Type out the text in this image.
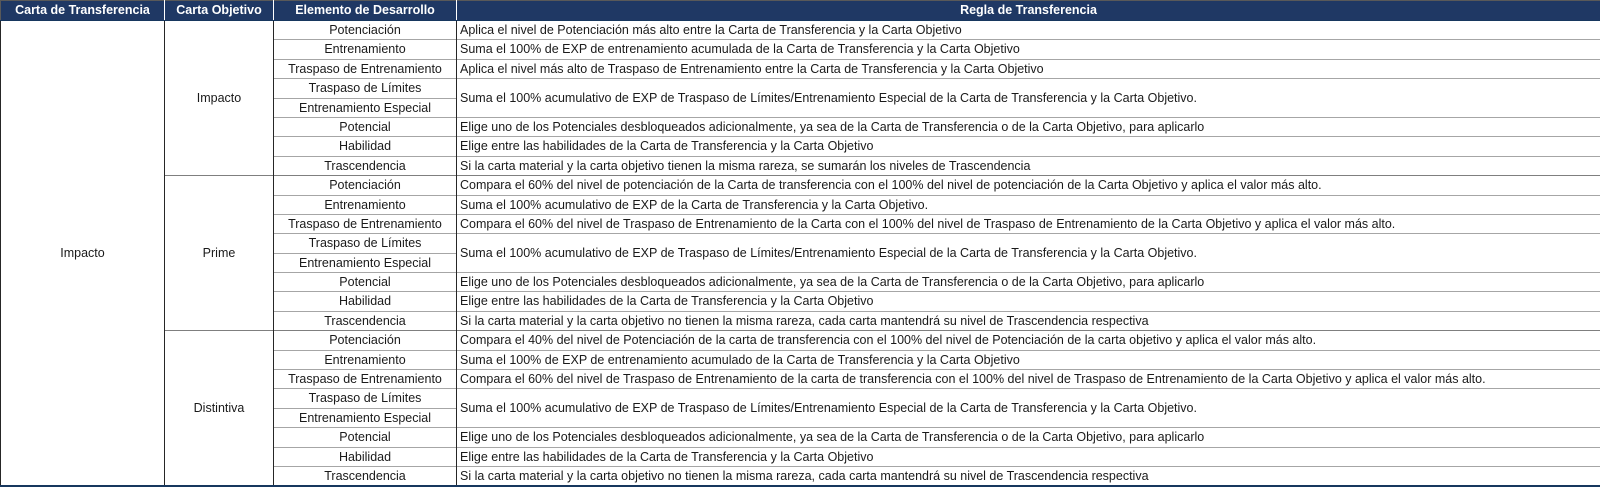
Carta de Transferencia	Carta Objetivo	Elemento de Desarrollo	Regla de Transferencia
Impacto	Impacto	Potenciación	Aplica el nivel de Potenciación más alto entre la Carta de Transferencia y la Carta Objetivo
		Entrenamiento	Suma el 100% de EXP de entrenamiento acumulada de la Carta de Transferencia y la Carta Objetivo
		Traspaso de Entrenamiento	Aplica el nivel más alto de Traspaso de Entrenamiento entre la Carta de Transferencia y la Carta Objetivo
		Traspaso de Límites	Suma el 100% acumulativo de EXP de Traspaso de Límites/Entrenamiento Especial de la Carta de Transferencia y la Carta Objetivo.
		Entrenamiento Especial	
		Potencial	Elige uno de los Potenciales desbloqueados adicionalmente, ya sea de la Carta de Transferencia o de la Carta Objetivo, para aplicarlo
		Habilidad	Elige entre las habilidades de la Carta de Transferencia y la Carta Objetivo
		Trascendencia	Si la carta material y la carta objetivo tienen la misma rareza, se sumarán los niveles de Trascendencia
	Prime	Potenciación	Compara el 60% del nivel de potenciación de la Carta de transferencia con el 100% del nivel de potenciación de la Carta Objetivo y aplica el valor más alto.
		Entrenamiento	Suma el 100% acumulativo de EXP de la Carta de Transferencia y la Carta Objetivo.
		Traspaso de Entrenamiento	Compara el 60% del nivel de Traspaso de Entrenamiento de la Carta con el 100% del nivel de Traspaso de Entrenamiento de la Carta Objetivo y aplica el valor más alto.
		Traspaso de Límites	Suma el 100% acumulativo de EXP de Traspaso de Límites/Entrenamiento Especial de la Carta de Transferencia y la Carta Objetivo.
		Entrenamiento Especial	
		Potencial	Elige uno de los Potenciales desbloqueados adicionalmente, ya sea de la Carta de Transferencia o de la Carta Objetivo, para aplicarlo
		Habilidad	Elige entre las habilidades de la Carta de Transferencia y la Carta Objetivo
		Trascendencia	Si la carta material y la carta objetivo no tienen la misma rareza, cada carta mantendrá su nivel de Trascendencia respectiva
	Distintiva	Potenciación	Compara el 40% del nivel de Potenciación de la carta de transferencia con el 100% del nivel de Potenciación de la carta objetivo y aplica el valor más alto.
		Entrenamiento	Suma el 100% de EXP de entrenamiento acumulado de la Carta de Transferencia y la Carta Objetivo
		Traspaso de Entrenamiento	Compara el 60% del nivel de Traspaso de Entrenamiento de la carta de transferencia con el 100% del nivel de Traspaso de Entrenamiento de la Carta Objetivo y aplica el valor más alto.
		Traspaso de Límites	Suma el 100% acumulativo de EXP de Traspaso de Límites/Entrenamiento Especial de la Carta de Transferencia y la Carta Objetivo.
		Entrenamiento Especial	
		Potencial	Elige uno de los Potenciales desbloqueados adicionalmente, ya sea de la Carta de Transferencia o de la Carta Objetivo, para aplicarlo
		Habilidad	Elige entre las habilidades de la Carta de Transferencia y la Carta Objetivo
		Trascendencia	Si la carta material y la carta objetivo no tienen la misma rareza, cada carta mantendrá su nivel de Trascendencia respectiva
